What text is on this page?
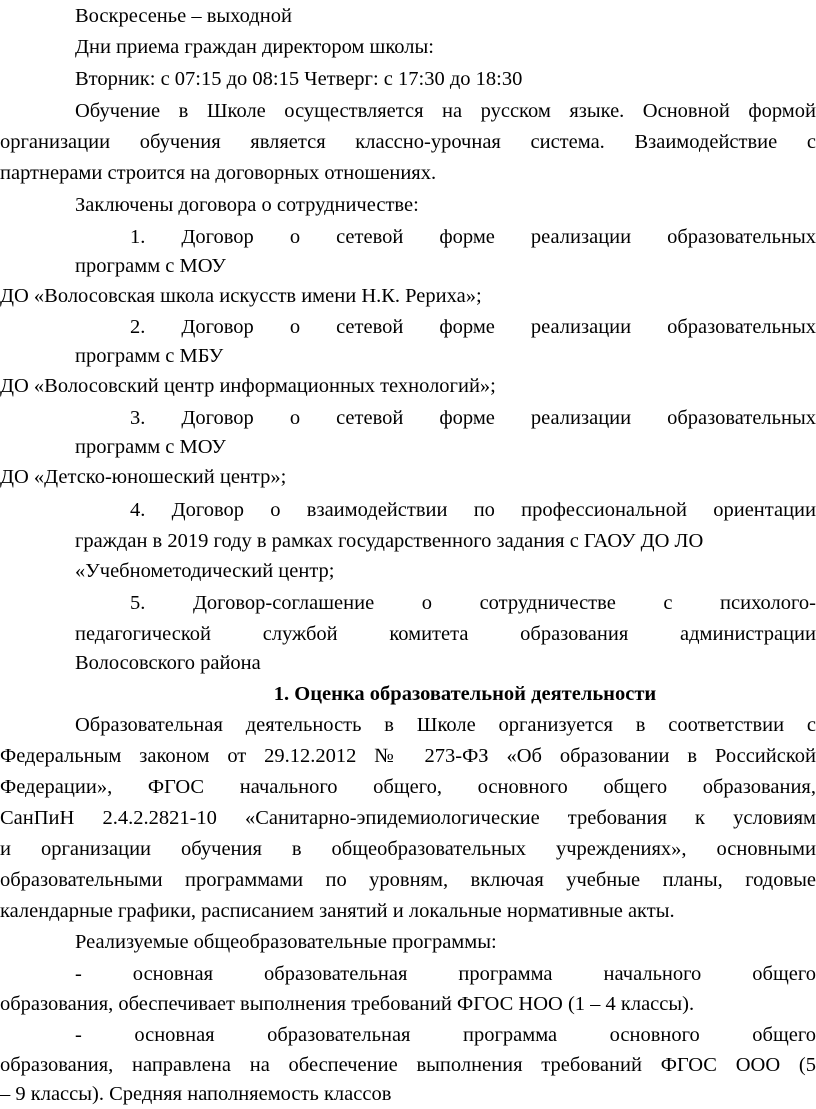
Воскресенье – выходной
Дни приема граждан директором школы:
Вторник: с 07:15 до 08:15 Четверг: с 17:30 до 18:30
Обучение в Школе осуществляется на русском языке. Основной формой
организации обучения является классно-урочная система. Взаимодействие с
партнерами строится на договорных отношениях.
Заключены договора о сотрудничестве:
1. Договор о сетевой форме реализации образовательных
программ с МОУ
ДО «Волосовская школа искусств имени Н.К. Рериха»;
2. Договор о сетевой форме реализации образовательных
программ с МБУ
ДО «Волосовский центр информационных технологий»;
3. Договор о сетевой форме реализации образовательных
программ с МОУ
ДО «Детско-юношеский центр»;
4. Договор о взаимодействии по профессиональной ориентации
граждан в 2019 году в рамках государственного задания с ГАОУ ДО ЛО
«Учебнометодический центр;
5. Договор-соглашение о сотрудничестве с психолого-
педагогической службой комитета образования администрации
Волосовского района
1. Оценка образовательной деятельности
Образовательная деятельность в Школе организуется в соответствии с
Федеральным законом от 29.12.2012 № 273-ФЗ «Об образовании в Российской
Федерации», ФГОС начального общего, основного общего образования,
СанПиН 2.4.2.2821-10 «Санитарно-эпидемиологические требования к условиям
и организации обучения в общеобразовательных учреждениях», основными
образовательными программами по уровням, включая учебные планы, годовые
календарные графики, расписанием занятий и локальные нормативные акты.
Реализуемые общеобразовательные программы:
- основная образовательная программа начального общего
образования, обеспечивает выполнения требований ФГОС НОО (1 – 4 классы).
- основная образовательная программа основного общего
образования, направлена на обеспечение выполнения требований ФГОС ООО (5
– 9 классы). Средняя наполняемость классов
